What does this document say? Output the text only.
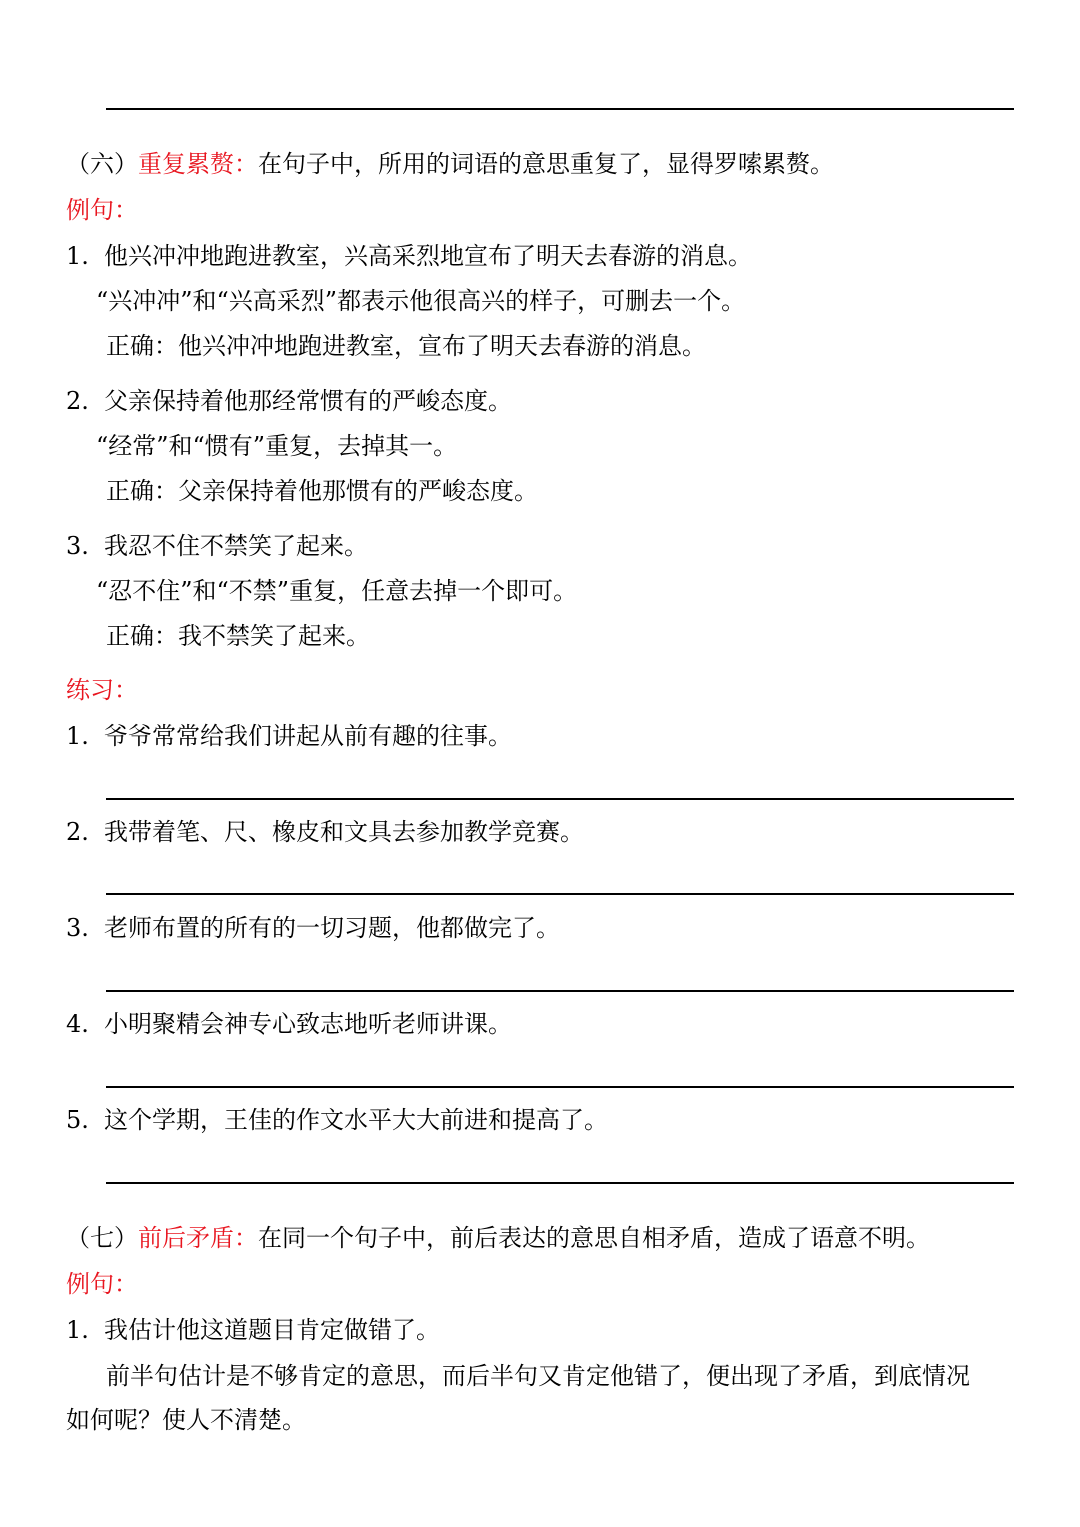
（六）重复累赘：在句子中，所用的词语的意思重复了，显得罗嗦累赘。
例句：
1. 他兴冲冲地跑进教室，兴高采烈地宣布了明天去春游的消息。
“兴冲冲”和“兴高采烈”都表示他很高兴的样子，可删去一个。
正确：他兴冲冲地跑进教室，宣布了明天去春游的消息。
2. 父亲保持着他那经常惯有的严峻态度。
“经常”和“惯有”重复，去掉其一。
正确：父亲保持着他那惯有的严峻态度。
3. 我忍不住不禁笑了起来。
“忍不住”和“不禁”重复，任意去掉一个即可。
正确：我不禁笑了起来。
练习：
1. 爷爷常常给我们讲起从前有趣的往事。
2. 我带着笔、尺、橡皮和文具去参加教学竞赛。
3. 老师布置的所有的一切习题，他都做完了。
4. 小明聚精会神专心致志地听老师讲课。
5. 这个学期，王佳的作文水平大大前进和提高了。
（七）前后矛盾：在同一个句子中，前后表达的意思自相矛盾，造成了语意不明。
例句：
1. 我估计他这道题目肯定做错了。
前半句估计是不够肯定的意思，而后半句又肯定他错了，便出现了矛盾，到底情况
如何呢？使人不清楚。
